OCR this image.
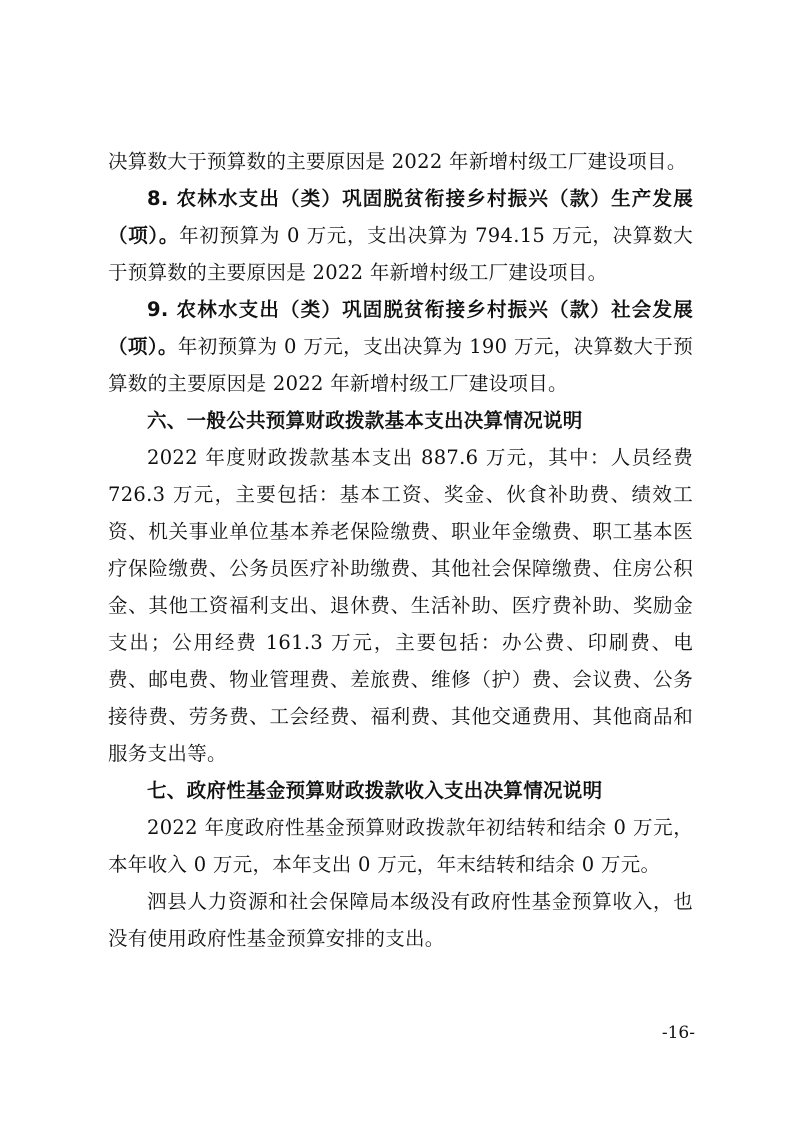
决算数大于预算数的主要原因是 2022 年新增村级工厂建设项目。

8. 农林水支出（类）巩固脱贫衔接乡村振兴（款）生产发展（项）。年初预算为 0 万元，支出决算为 794.15 万元，决算数大于预算数的主要原因是 2022 年新增村级工厂建设项目。

9. 农林水支出（类）巩固脱贫衔接乡村振兴（款）社会发展（项）。年初预算为 0 万元，支出决算为 190 万元，决算数大于预算数的主要原因是 2022 年新增村级工厂建设项目。

六、一般公共预算财政拨款基本支出决算情况说明

2022 年度财政拨款基本支出 887.6 万元，其中：人员经费 726.3 万元，主要包括：基本工资、奖金、伙食补助费、绩效工资、机关事业单位基本养老保险缴费、职业年金缴费、职工基本医疗保险缴费、公务员医疗补助缴费、其他社会保障缴费、住房公积金、其他工资福利支出、退休费、生活补助、医疗费补助、奖励金支出；公用经费 161.3 万元，主要包括：办公费、印刷费、电费、邮电费、物业管理费、差旅费、维修（护）费、会议费、公务接待费、劳务费、工会经费、福利费、其他交通费用、其他商品和服务支出等。

七、政府性基金预算财政拨款收入支出决算情况说明

2022 年度政府性基金预算财政拨款年初结转和结余 0 万元，本年收入 0 万元，本年支出 0 万元，年末结转和结余 0 万元。

泗县人力资源和社会保障局本级没有政府性基金预算收入，也没有使用政府性基金预算安排的支出。

-16-
